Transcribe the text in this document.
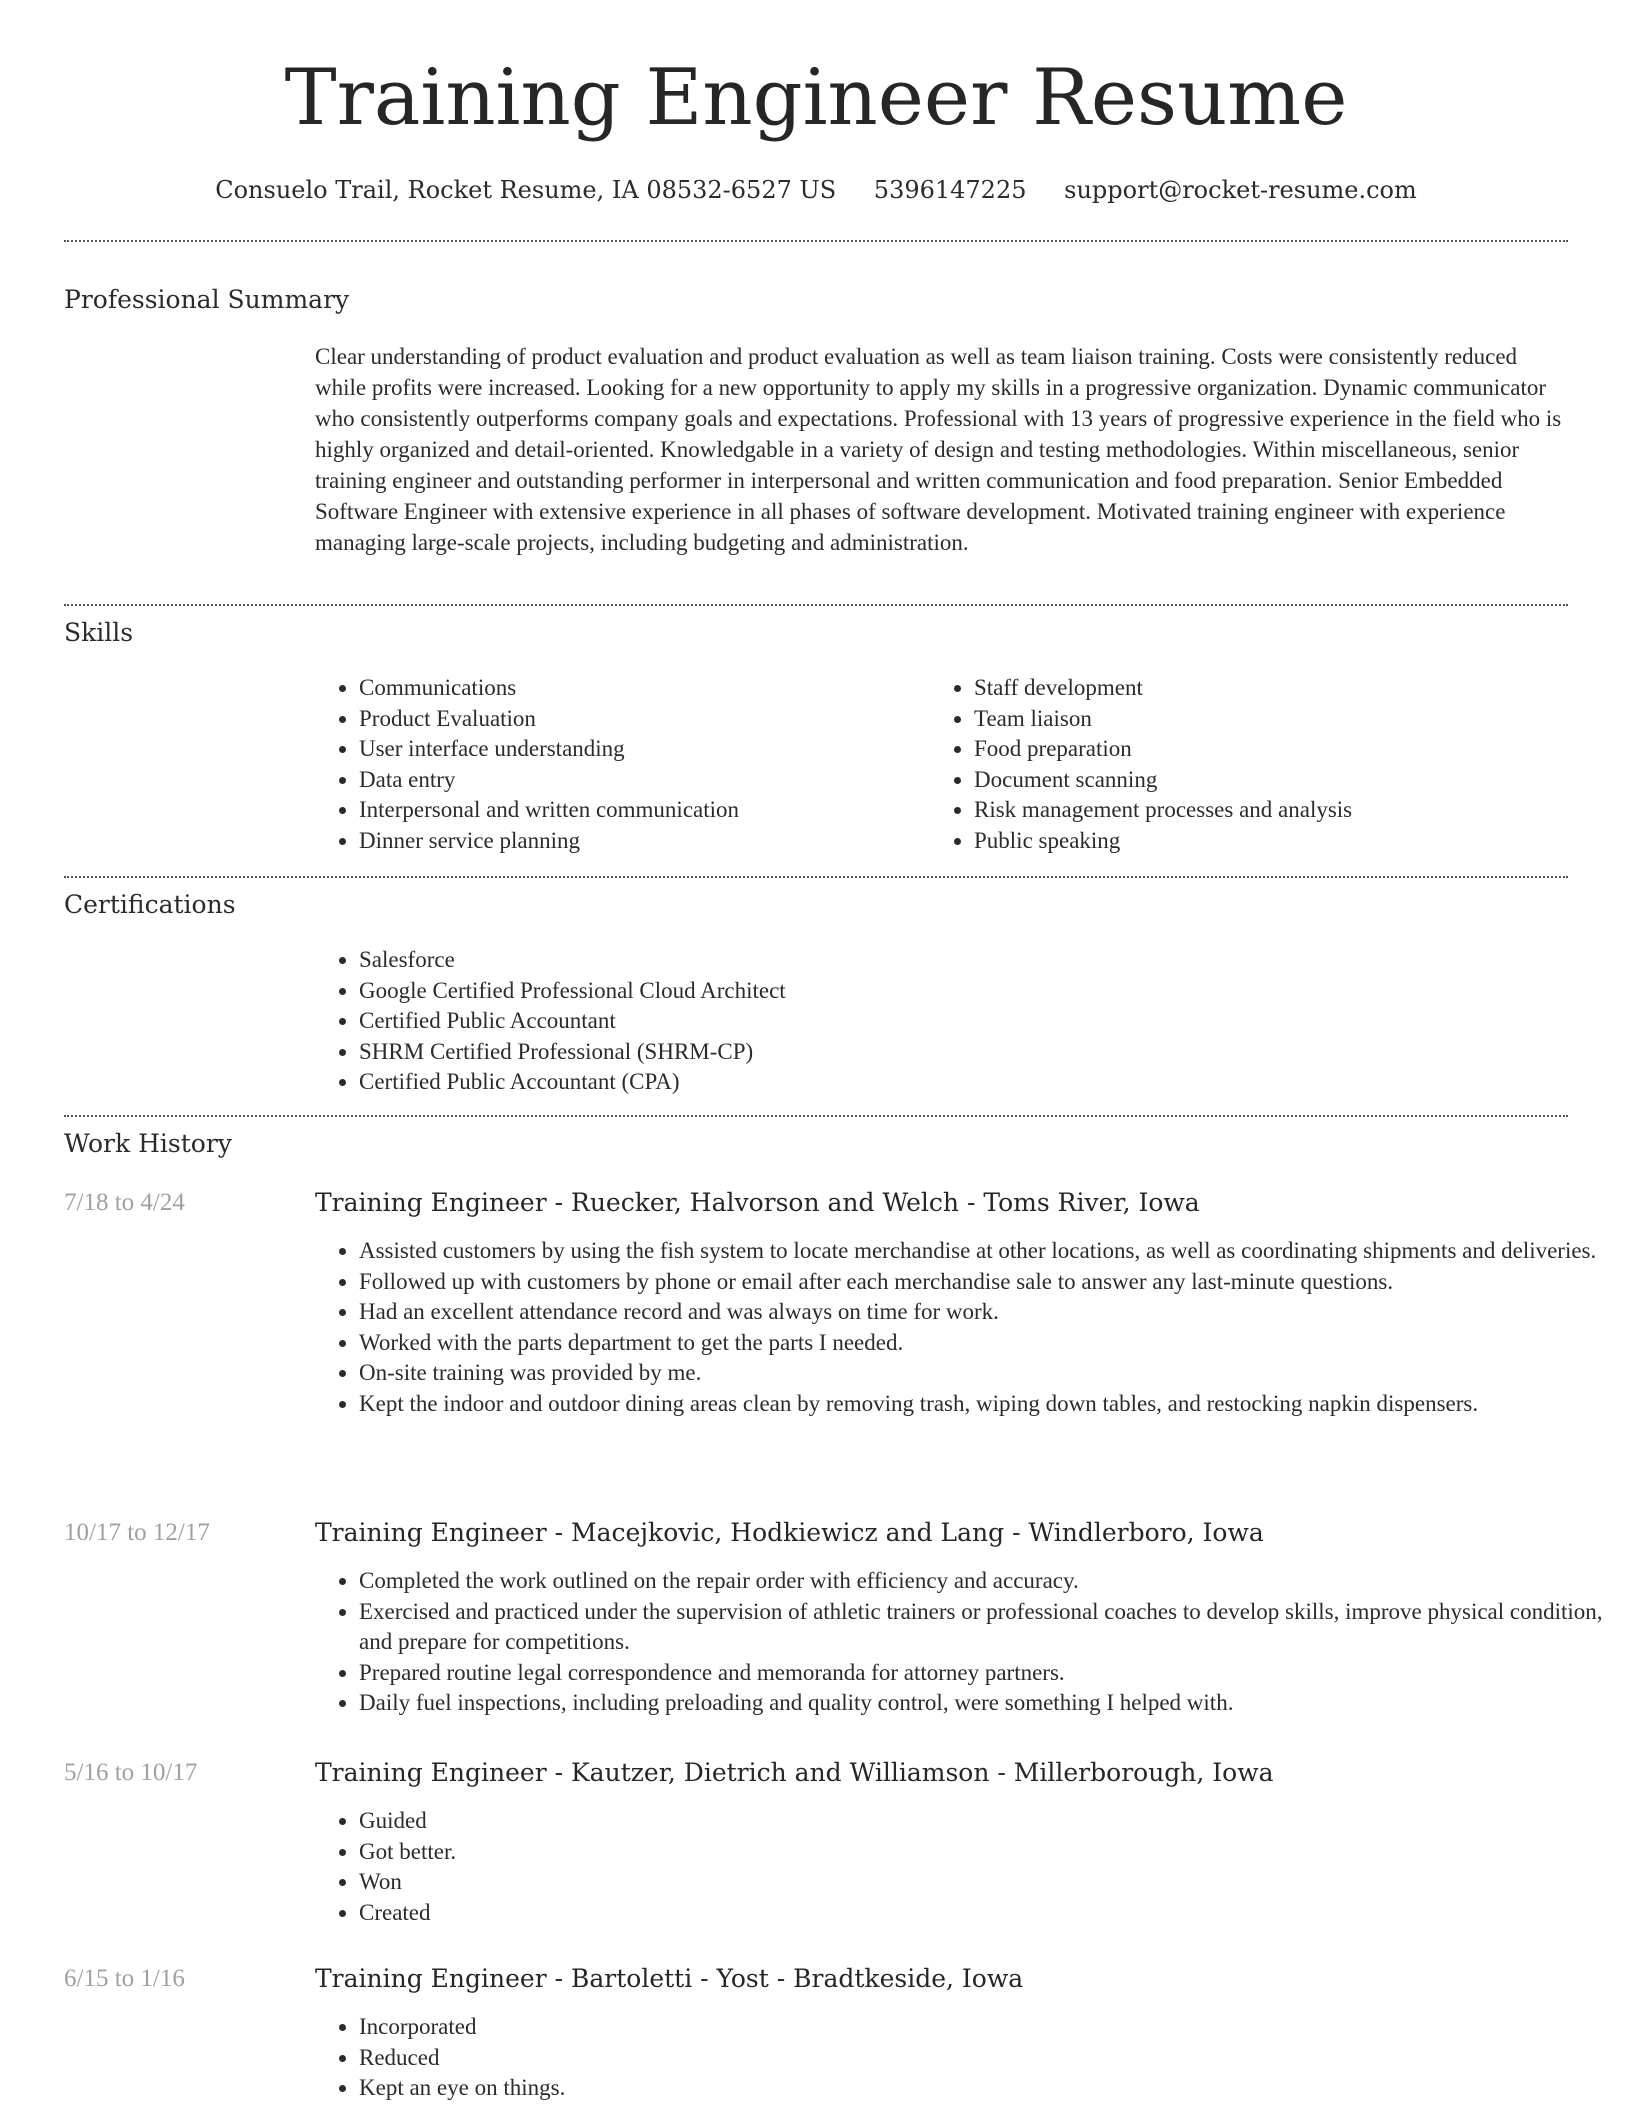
Training Engineer Resume
Consuelo Trail, Rocket Resume, IA 08532-6527 US 5396147225 support@rocket-resume.com
Professional Summary

Clear understanding of product evaluation and product evaluation as well as team liaison training. Costs were consistently reduced while profits were increased. Looking for a new opportunity to apply my skills in a progressive organization. Dynamic communicator who consistently outperforms company goals and expectations. Professional with 13 years of progressive experience in the field who is highly organized and detail-oriented. Knowledgable in a variety of design and testing methodologies. Within miscellaneous, senior training engineer and outstanding performer in interpersonal and written communication and food preparation. Senior Embedded Software Engineer with extensive experience in all phases of software development. Motivated training engineer with experience managing large-scale projects, including budgeting and administration.

Skills
• Communications
• Product Evaluation
• User interface understanding
• Data entry
• Interpersonal and written communication
• Dinner service planning
• Staff development
• Team liaison
• Food preparation
• Document scanning
• Risk management processes and analysis
• Public speaking
Certifications
• Salesforce
• Google Certified Professional Cloud Architect
• Certified Public Accountant
• SHRM Certified Professional (SHRM-CP)
• Certified Public Accountant (CPA)
Work History
7/18 to 4/24	Training Engineer - Ruecker, Halvorson and Welch - Toms River, Iowa
• Assisted customers by using the fish system to locate merchandise at other locations, as well as coordinating shipments and deliveries.
• Followed up with customers by phone or email after each merchandise sale to answer any last-minute questions.
• Had an excellent attendance record and was always on time for work.
• Worked with the parts department to get the parts I needed.
• On-site training was provided by me.
• Kept the indoor and outdoor dining areas clean by removing trash, wiping down tables, and restocking napkin dispensers.
10/17 to 12/17	Training Engineer - Macejkovic, Hodkiewicz and Lang - Windlerboro, Iowa
• Completed the work outlined on the repair order with efficiency and accuracy.
• Exercised and practiced under the supervision of athletic trainers or professional coaches to develop skills, improve physical condition, and prepare for competitions.
• Prepared routine legal correspondence and memoranda for attorney partners.
• Daily fuel inspections, including preloading and quality control, were something I helped with.
5/16 to 10/17	Training Engineer - Kautzer, Dietrich and Williamson - Millerborough, Iowa
• Guided
• Got better.
• Won
• Created
6/15 to 1/16	Training Engineer - Bartoletti - Yost - Bradtkeside, Iowa
• Incorporated
• Reduced
• Kept an eye on things.
